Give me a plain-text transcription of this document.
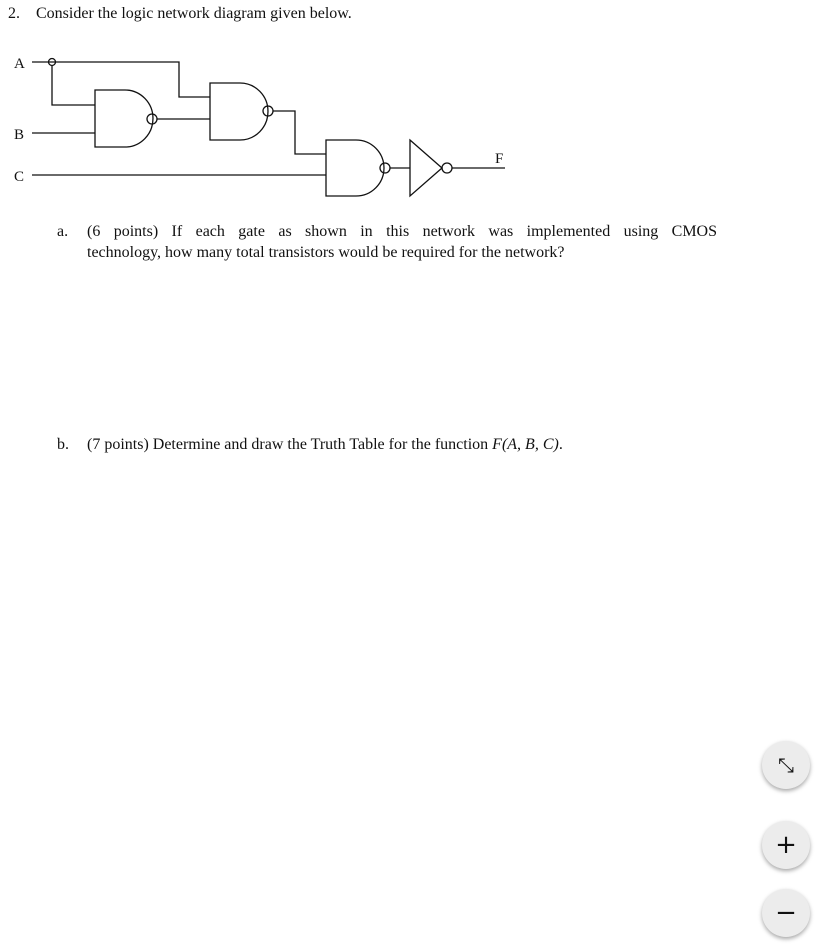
2. Consider the logic network diagram given below.
A
B
C
F
a. (6 points) If each gate as shown in this network was implemented using CMOS
technology, how many total transistors would be required for the network?
b. (7 points) Determine and draw the Truth Table for the function F(A, B, C).
⤡
+
−
